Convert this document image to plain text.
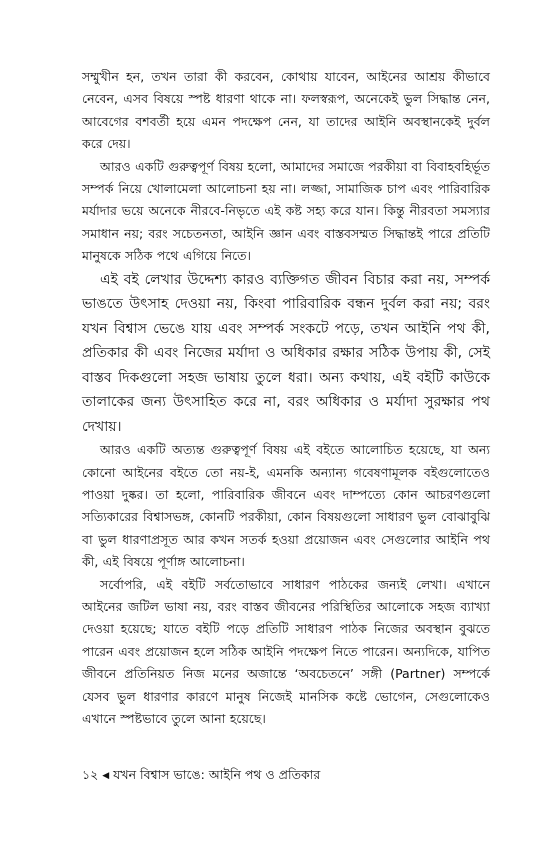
সম্মুখীন হন, তখন তারা কী করবেন, কোথায় যাবেন, আইনের আশ্রয় কীভাবে নেবেন, এসব বিষয়ে স্পষ্ট ধারণা থাকে না। ফলস্বরূপ, অনেকেই ভুল সিদ্ধান্ত নেন, আবেগের বশবর্তী হয়ে এমন পদক্ষেপ নেন, যা তাদের আইনি অবস্থানকেই দুর্বল করে দেয়।

আরও একটি গুরুত্বপূর্ণ বিষয় হলো, আমাদের সমাজে পরকীয়া বা বিবাহবহির্ভূত সম্পর্ক নিয়ে খোলামেলা আলোচনা হয় না। লজ্জা, সামাজিক চাপ এবং পারিবারিক মর্যাদার ভয়ে অনেকে নীরবে-নিভৃতে এই কষ্ট সহ্য করে যান। কিন্তু নীরবতা সমস্যার সমাধান নয়; বরং সচেতনতা, আইনি জ্ঞান এবং বাস্তবসম্মত সিদ্ধান্তই পারে প্রতিটি মানুষকে সঠিক পথে এগিয়ে নিতে।

এই বই লেখার উদ্দেশ্য কারও ব্যক্তিগত জীবন বিচার করা নয়, সম্পর্ক ভাঙতে উৎসাহ দেওয়া নয়, কিংবা পারিবারিক বন্ধন দুর্বল করা নয়; বরং যখন বিশ্বাস ভেঙে যায় এবং সম্পর্ক সংকটে পড়ে, তখন আইনি পথ কী, প্রতিকার কী এবং নিজের মর্যাদা ও অধিকার রক্ষার সঠিক উপায় কী, সেই বাস্তব দিকগুলো সহজ ভাষায় তুলে ধরা। অন্য কথায়, এই বইটি কাউকে তালাকের জন্য উৎসাহিত করে না, বরং অধিকার ও মর্যাদা সুরক্ষার পথ দেখায়।

আরও একটি অত্যন্ত গুরুত্বপূর্ণ বিষয় এই বইতে আলোচিত হয়েছে, যা অন্য কোনো আইনের বইতে তো নয়-ই, এমনকি অন্যান্য গবেষণামূলক বইগুলোতেও পাওয়া দুষ্কর। তা হলো, পারিবারিক জীবনে এবং দাম্পত্যে কোন আচরণগুলো সত্যিকারের বিশ্বাসভঙ্গ, কোনটি পরকীয়া, কোন বিষয়গুলো সাধারণ ভুল বোঝাবুঝি বা ভুল ধারণাপ্রসূত আর কখন সতর্ক হওয়া প্রয়োজন এবং সেগুলোর আইনি পথ কী, এই বিষয়ে পূর্ণাঙ্গ আলোচনা।

সর্বোপরি, এই বইটি সর্বতোভাবে সাধারণ পাঠকের জন্যই লেখা। এখানে আইনের জটিল ভাষা নয়, বরং বাস্তব জীবনের পরিস্থিতির আলোকে সহজ ব্যাখ্যা দেওয়া হয়েছে; যাতে বইটি পড়ে প্রতিটি সাধারণ পাঠক নিজের অবস্থান বুঝতে পারেন এবং প্রয়োজন হলে সঠিক আইনি পদক্ষেপ নিতে পারেন। অন্যদিকে, যাপিত জীবনে প্রতিনিয়ত নিজ মনের অজান্তে ‘অবচেতনে’ সঙ্গী (Partner) সম্পর্কে যেসব ভুল ধারণার কারণে মানুষ নিজেই মানসিক কষ্টে ভোগেন, সেগুলোকেও এখানে স্পষ্টভাবে তুলে আনা হয়েছে।

১২ ◀ যখন বিশ্বাস ভাঙে: আইনি পথ ও প্রতিকার
